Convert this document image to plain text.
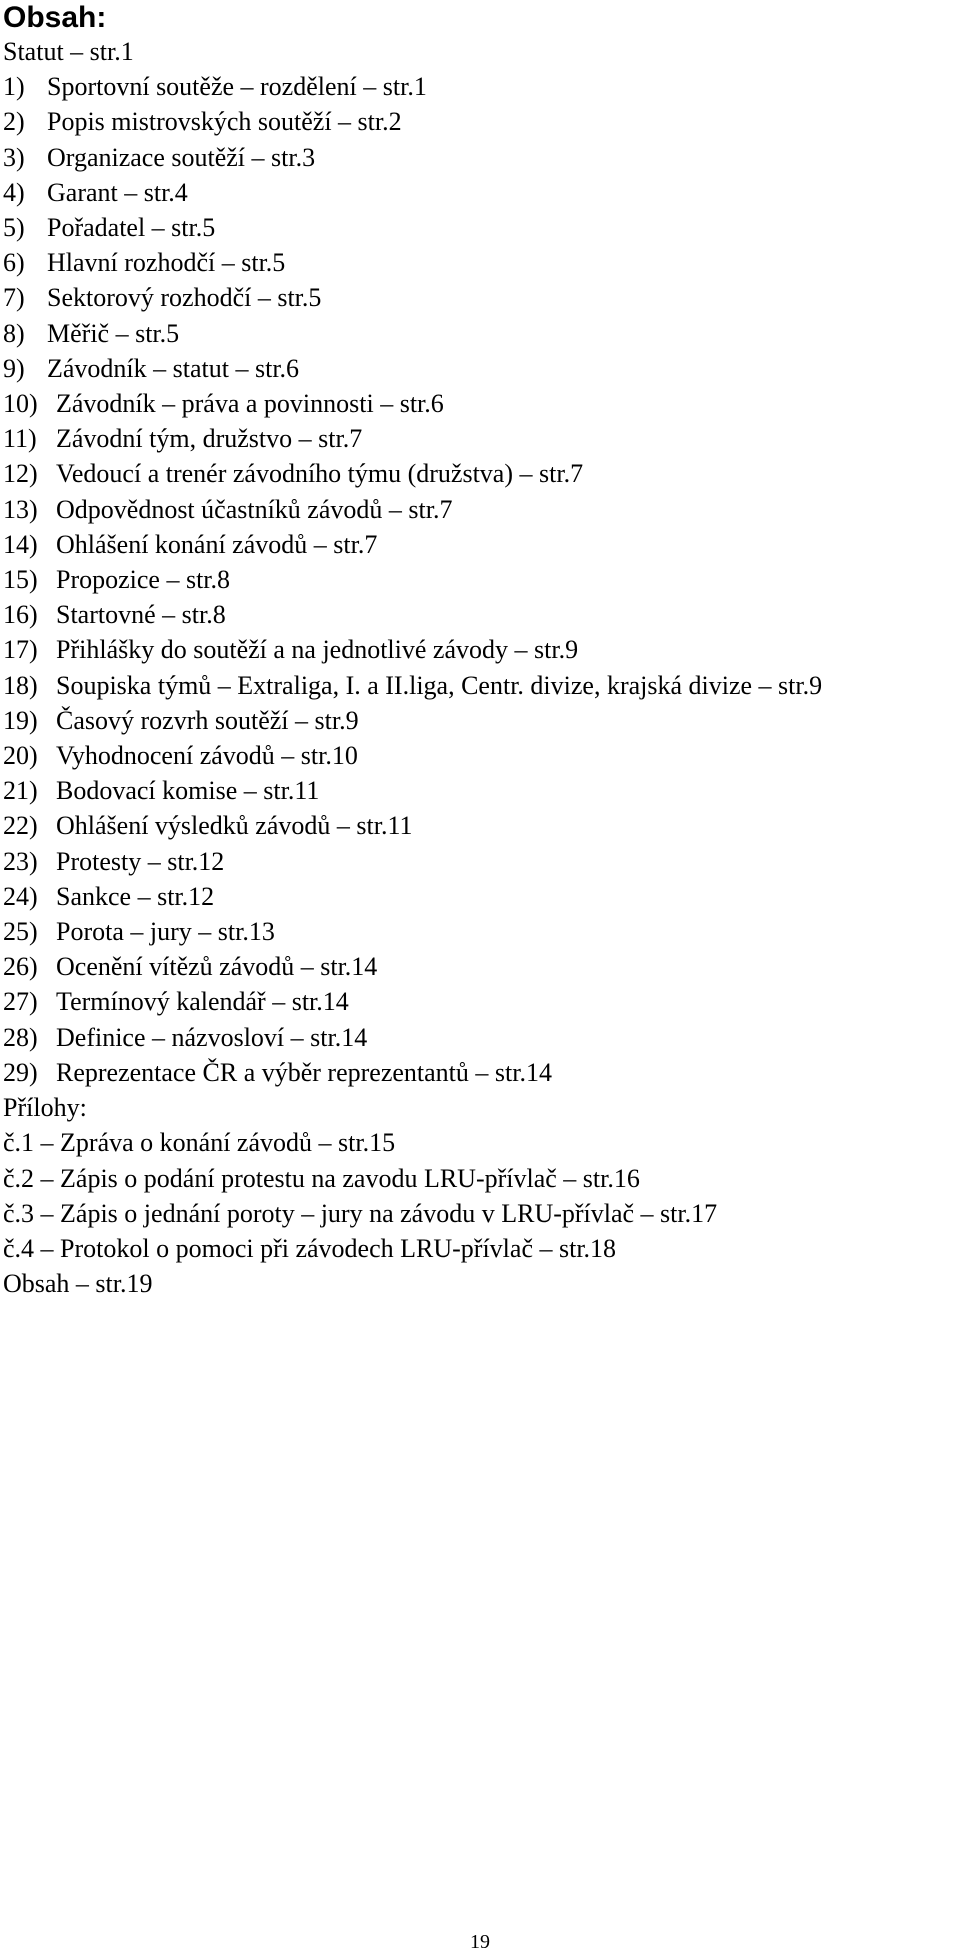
Obsah:
Statut – str.1
1) Sportovní soutěže – rozdělení – str.1
2) Popis mistrovských soutěží – str.2
3) Organizace soutěží – str.3
4) Garant – str.4
5) Pořadatel – str.5
6) Hlavní rozhodčí – str.5
7) Sektorový rozhodčí – str.5
8) Měřič – str.5
9) Závodník – statut – str.6
10) Závodník – práva a povinnosti – str.6
11) Závodní tým, družstvo – str.7
12) Vedoucí a trenér závodního týmu (družstva) – str.7
13) Odpovědnost účastníků závodů – str.7
14) Ohlášení konání závodů – str.7
15) Propozice – str.8
16) Startovné – str.8
17) Přihlášky do soutěží a na jednotlivé závody – str.9
18) Soupiska týmů – Extraliga, I. a II.liga, Centr. divize, krajská divize – str.9
19) Časový rozvrh soutěží – str.9
20) Vyhodnocení závodů – str.10
21) Bodovací komise – str.11
22) Ohlášení výsledků závodů – str.11
23) Protesty – str.12
24) Sankce – str.12
25) Porota – jury – str.13
26) Ocenění vítězů závodů – str.14
27) Termínový kalendář – str.14
28) Definice – názvosloví – str.14
29) Reprezentace ČR a výběr reprezentantů – str.14
Přílohy:
č.1 – Zpráva o konání závodů – str.15
č.2 – Zápis o podání protestu na zavodu LRU-přívlač – str.16
č.3 – Zápis o jednání poroty – jury na závodu v LRU-přívlač – str.17
č.4 – Protokol o pomoci při závodech LRU-přívlač – str.18
Obsah – str.19
19
